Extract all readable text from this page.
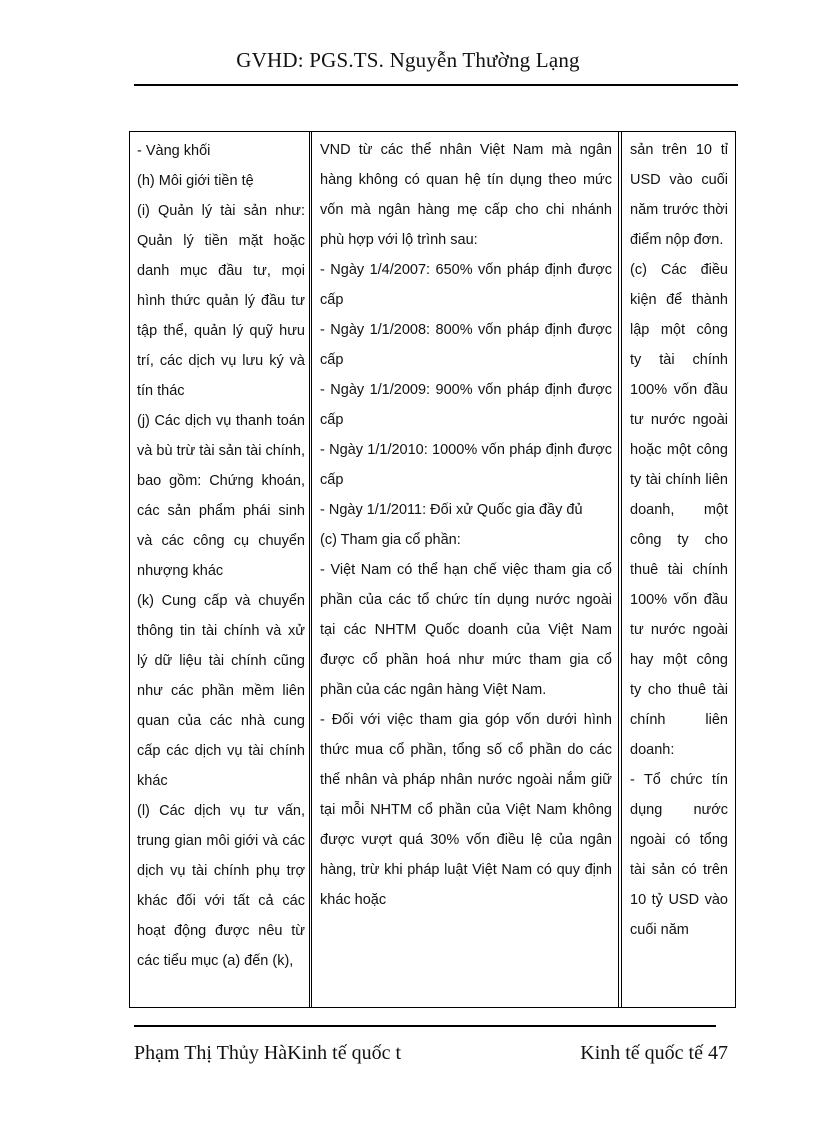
GVHD: PGS.TS. Nguyễn Thường Lạng

- Vàng khối

(h) Môi giới tiền tệ

(i) Quản lý tài sản như: Quản lý tiền mặt hoặc danh mục đầu tư, mọi hình thức quản lý đầu tư tập thể, quản lý quỹ hưu trí, các dịch vụ lưu ký và tín thác

(j) Các dịch vụ thanh toán và bù trừ tài sản tài chính, bao gồm: Chứng khoán, các sản phẩm phái sinh và các công cụ chuyển nhượng khác

(k) Cung cấp và chuyển thông tin tài chính và xử lý dữ liệu tài chính cũng như các phần mềm liên quan của các nhà cung cấp các dịch vụ tài chính khác

(l) Các dịch vụ tư vấn, trung gian môi giới và các dịch vụ tài chính phụ trợ khác đối với tất cả các hoạt động được nêu từ các tiểu mục (a) đến (k),

VND từ các thể nhân Việt Nam mà ngân hàng không có quan hệ tín dụng theo mức vốn mà ngân hàng mẹ cấp cho chi nhánh phù hợp với lộ trình sau:

- Ngày 1/4/2007: 650% vốn pháp định được cấp

- Ngày 1/1/2008: 800% vốn pháp định được cấp

- Ngày 1/1/2009: 900% vốn pháp định được cấp

- Ngày 1/1/2010: 1000% vốn pháp định được cấp

- Ngày 1/1/2011: Đối xử Quốc gia đầy đủ

(c) Tham gia cổ phần:

- Việt Nam có thể hạn chế việc tham gia cổ phần của các tổ chức tín dụng nước ngoài tại các NHTM Quốc doanh của Việt Nam được cổ phần hoá như mức tham gia cổ phần của các ngân hàng Việt Nam.

- Đối với việc tham gia góp vốn dưới hình thức mua cổ phần, tổng số cổ phần do các thể nhân và pháp nhân nước ngoài nắm giữ tại mỗi NHTM cổ phần của Việt Nam không được vượt quá 30% vốn điều lệ của ngân hàng, trừ khi pháp luật Việt Nam có quy định khác hoặc

sản trên 10 tỉ USD vào cuối năm trước thời điểm nộp đơn.

(c) Các điều kiện để thành lập một công ty tài chính 100% vốn đầu tư nước ngoài hoặc một công ty tài chính liên doanh, một công ty cho thuê tài chính 100% vốn đầu tư nước ngoài hay một công ty cho thuê tài chính liên doanh:

- Tổ chức tín dụng nước ngoài có tổng tài sản có trên 10 tỷ USD vào cuối năm

Phạm Thị Thủy HàKinh tế quốc t	Kinh tế quốc tế 47
